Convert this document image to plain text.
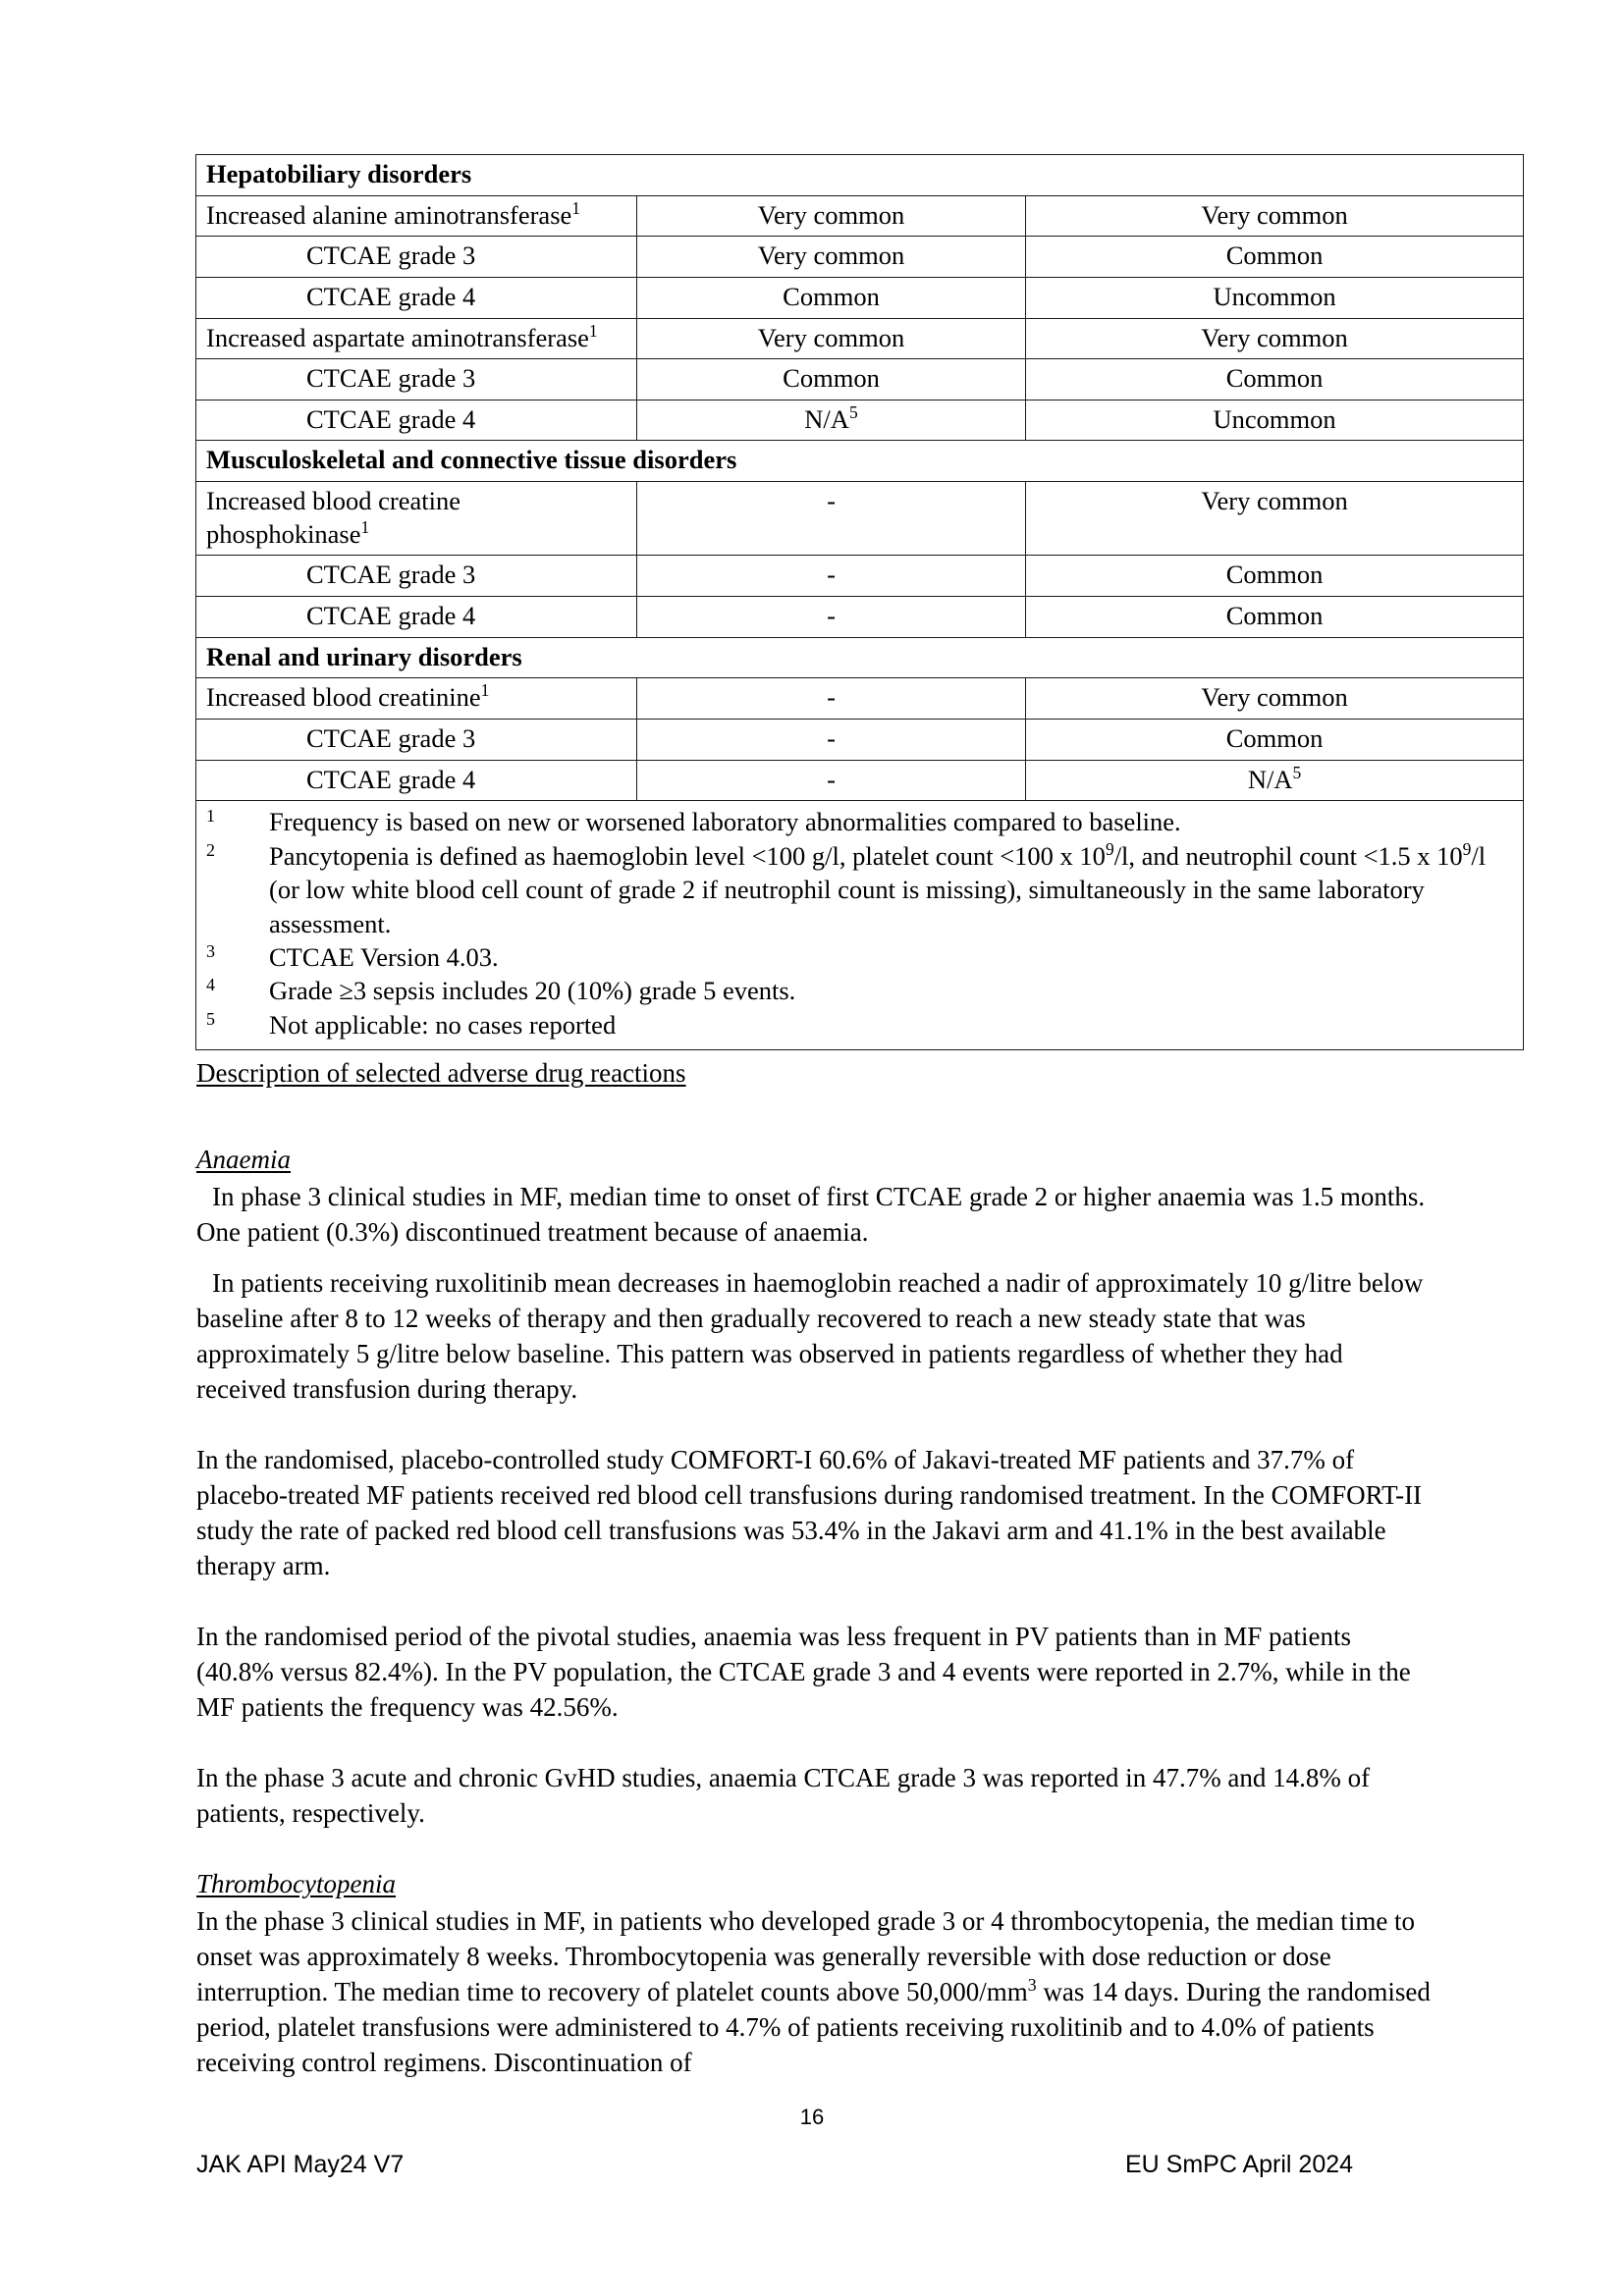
Hepatobiliary disorders		
Increased alanine aminotransferase$^1$	Very common	Very common
CTCAE grade 3	Very common	Common
CTCAE grade 4	Common	Uncommon
Increased aspartate aminotransferase$^1$	Very common	Very common
CTCAE grade 3	Common	Common
CTCAE grade 4	$N/A^5$	Uncommon
Musculoskeletal and connective tissue disorders		
Increased blood creatine phosphokinase$^1$	-	Very common
CTCAE grade 3	-	Common
CTCAE grade 4	-	Common
Renal and urinary disorders		
Increased blood creatinine$^1$	-	Very common
CTCAE grade 3	-	Common
CTCAE grade 4	-	$N/A^5$

1	Frequency is based on new or worsened laboratory abnormalities compared to baseline.
2	Pancytopenia is defined as haemoglobin level <100 g/l, platelet count <100 x $10^9/l$, and neutrophil count <1.5 x $10^9/l$ (or low white blood cell count of grade 2 if neutrophil count is missing), simultaneously in the same laboratory assessment.
3	CTCAE Version 4.03.
4	Grade ≥3 sepsis includes 20 (10%) grade 5 events.
5	Not applicable: no cases reported
Description of selected adverse drug reactions
Anaemia
In phase 3 clinical studies in MF, median time to onset of first CTCAE grade 2 or higher anaemia was 1.5 months. One patient (0.3%) discontinued treatment because of anaemia.
In patients receiving ruxolitinib mean decreases in haemoglobin reached a nadir of approximately 10 g/litre below baseline after 8 to 12 weeks of therapy and then gradually recovered to reach a new steady state that was approximately 5 g/litre below baseline. This pattern was observed in patients regardless of whether they had received transfusion during therapy.
In the randomised, placebo-controlled study COMFORT-I 60.6% of Jakavi-treated MF patients and 37.7% of placebo-treated MF patients received red blood cell transfusions during randomised treatment. In the COMFORT-II study the rate of packed red blood cell transfusions was 53.4% in the Jakavi arm and 41.1% in the best available therapy arm.
In the randomised period of the pivotal studies, anaemia was less frequent in PV patients than in MF patients (40.8% versus 82.4%). In the PV population, the CTCAE grade 3 and 4 events were reported in 2.7%, while in the MF patients the frequency was 42.56%.
In the phase 3 acute and chronic GvHD studies, anaemia CTCAE grade 3 was reported in 47.7% and 14.8% of patients, respectively.
Thrombocytopenia
In the phase 3 clinical studies in MF, in patients who developed grade 3 or 4 thrombocytopenia, the median time to onset was approximately 8 weeks. Thrombocytopenia was generally reversible with dose reduction or dose interruption. The median time to recovery of platelet counts above $50,000/mm^3$ was 14 days. During the randomised period, platelet transfusions were administered to 4.7% of patients receiving ruxolitinib and to 4.0% of patients receiving control regimens. Discontinuation of
16
JAK API May24 V7	EU SmPC April 2024
